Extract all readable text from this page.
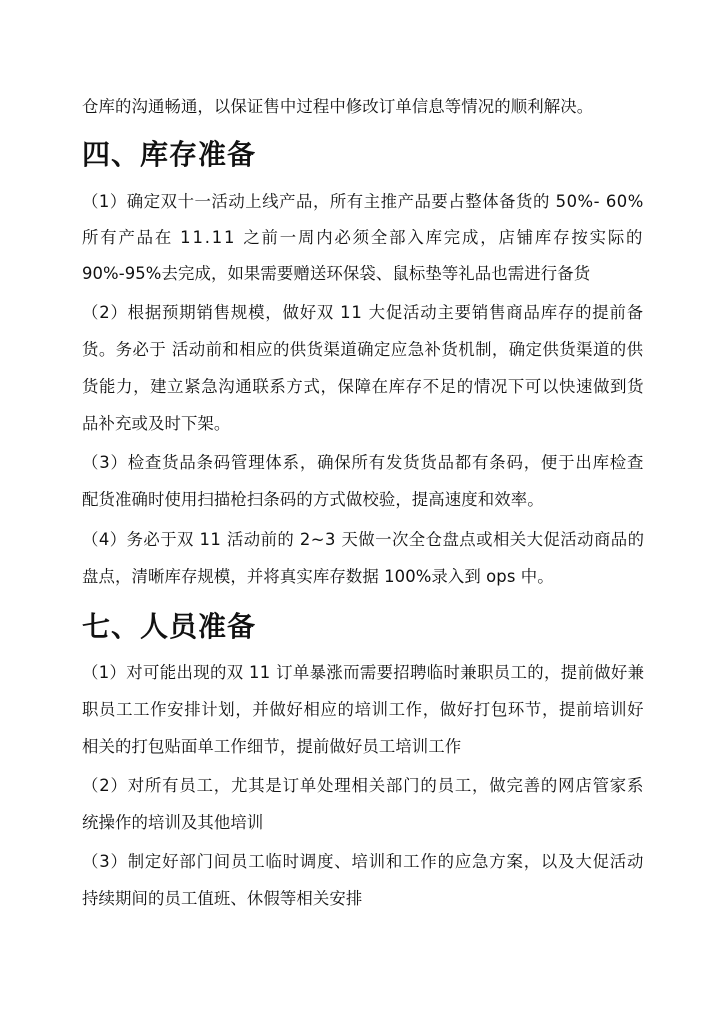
仓库的沟通畅通，以保证售中过程中修改订单信息等情况的顺利解决。
四、库存准备
（1）确定双十一活动上线产品，所有主推产品要占整体备货的 50%- 60%
所有产品在 11.11 之前一周内必须全部入库完成，店铺库存按实际的
90%-95%去完成，如果需要赠送环保袋、鼠标垫等礼品也需进行备货
（2）根据预期销售规模，做好双 11 大促活动主要销售商品库存的提前备
货。务必于 活动前和相应的供货渠道确定应急补货机制，确定供货渠道的供
货能力，建立紧急沟通联系方式，保障在库存不足的情况下可以快速做到货
品补充或及时下架。
（3）检查货品条码管理体系，确保所有发货货品都有条码，便于出库检查
配货准确时使用扫描枪扫条码的方式做校验，提高速度和效率。
（4）务必于双 11 活动前的 2~3 天做一次全仓盘点或相关大促活动商品的
盘点，清晰库存规模，并将真实库存数据 100%录入到 ops 中。
七、人员准备
（1）对可能出现的双 11 订单暴涨而需要招聘临时兼职员工的，提前做好兼
职员工工作安排计划，并做好相应的培训工作，做好打包环节，提前培训好
相关的打包贴面单工作细节，提前做好员工培训工作
（2）对所有员工，尤其是订单处理相关部门的员工，做完善的网店管家系
统操作的培训及其他培训
（3）制定好部门间员工临时调度、培训和工作的应急方案，以及大促活动
持续期间的员工值班、休假等相关安排
